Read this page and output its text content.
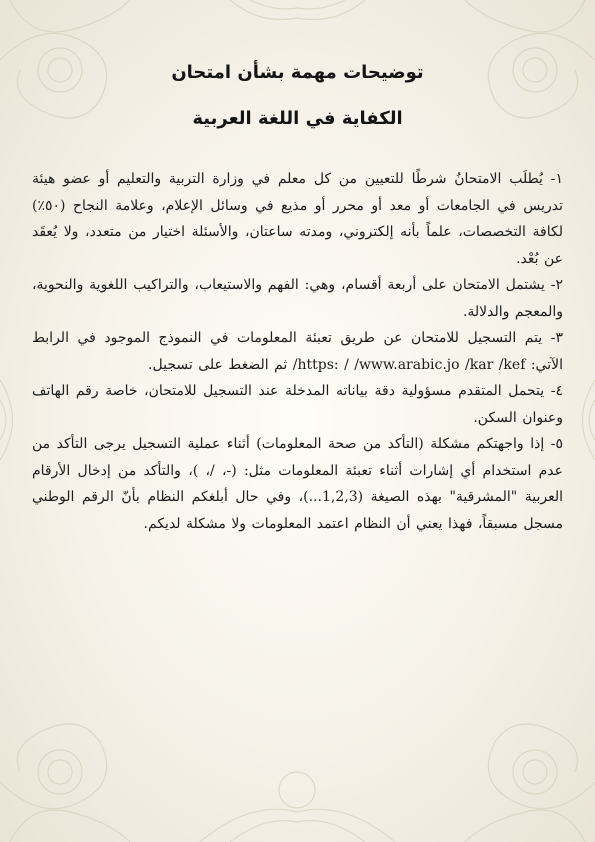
توضيحات مهمة بشأن امتحان
الكفاية في اللغة العربية

١- يُطلَب الامتحانُ شرطًا للتعيين من كل معلم في وزارة التربية والتعليم أو عضو هيئة تدريس في الجامعات أو معد أو محرر أو مذيع في وسائل الإعلام، وعلامة النجاح (٥٠٪) لكافة التخصصات، علماً بأنه إلكتروني، ومدته ساعتان، والأسئلة اختيار من متعدد، ولا يُعقَد عن بُعْد.

٢- يشتمل الامتحان على أربعة أقسام، وهي: الفهم والاستيعاب، والتراكيب اللغوية والنحوية، والمعجم والدلالة.

٣- يتم التسجيل للامتحان عن طريق تعبئة المعلومات في النموذج الموجود في الرابط الآتي: https: / /www.arabic.jo /kar /kef/ ثم الضغط على تسجيل.

٤- يتحمل المتقدم مسؤولية دقة بياناته المدخلة عند التسجيل للامتحان، خاصة رقم الهاتف وعنوان السكن.

٥- إذا واجهتكم مشكلة (التأكد من صحة المعلومات) أثناء عملية التسجيل يرجى التأكد من عدم استخدام أي إشارات أثناء تعبئة المعلومات مثل: (-، /، )، والتأكد من إدخال الأرقام العربية "المشرقية" بهذه الصيغة (1,2,3...)، وفي حال أبلغكم النظام بأنّ الرقم الوطني مسجل مسبقاً، فهذا يعني أن النظام اعتمد المعلومات ولا مشكلة لديكم.
